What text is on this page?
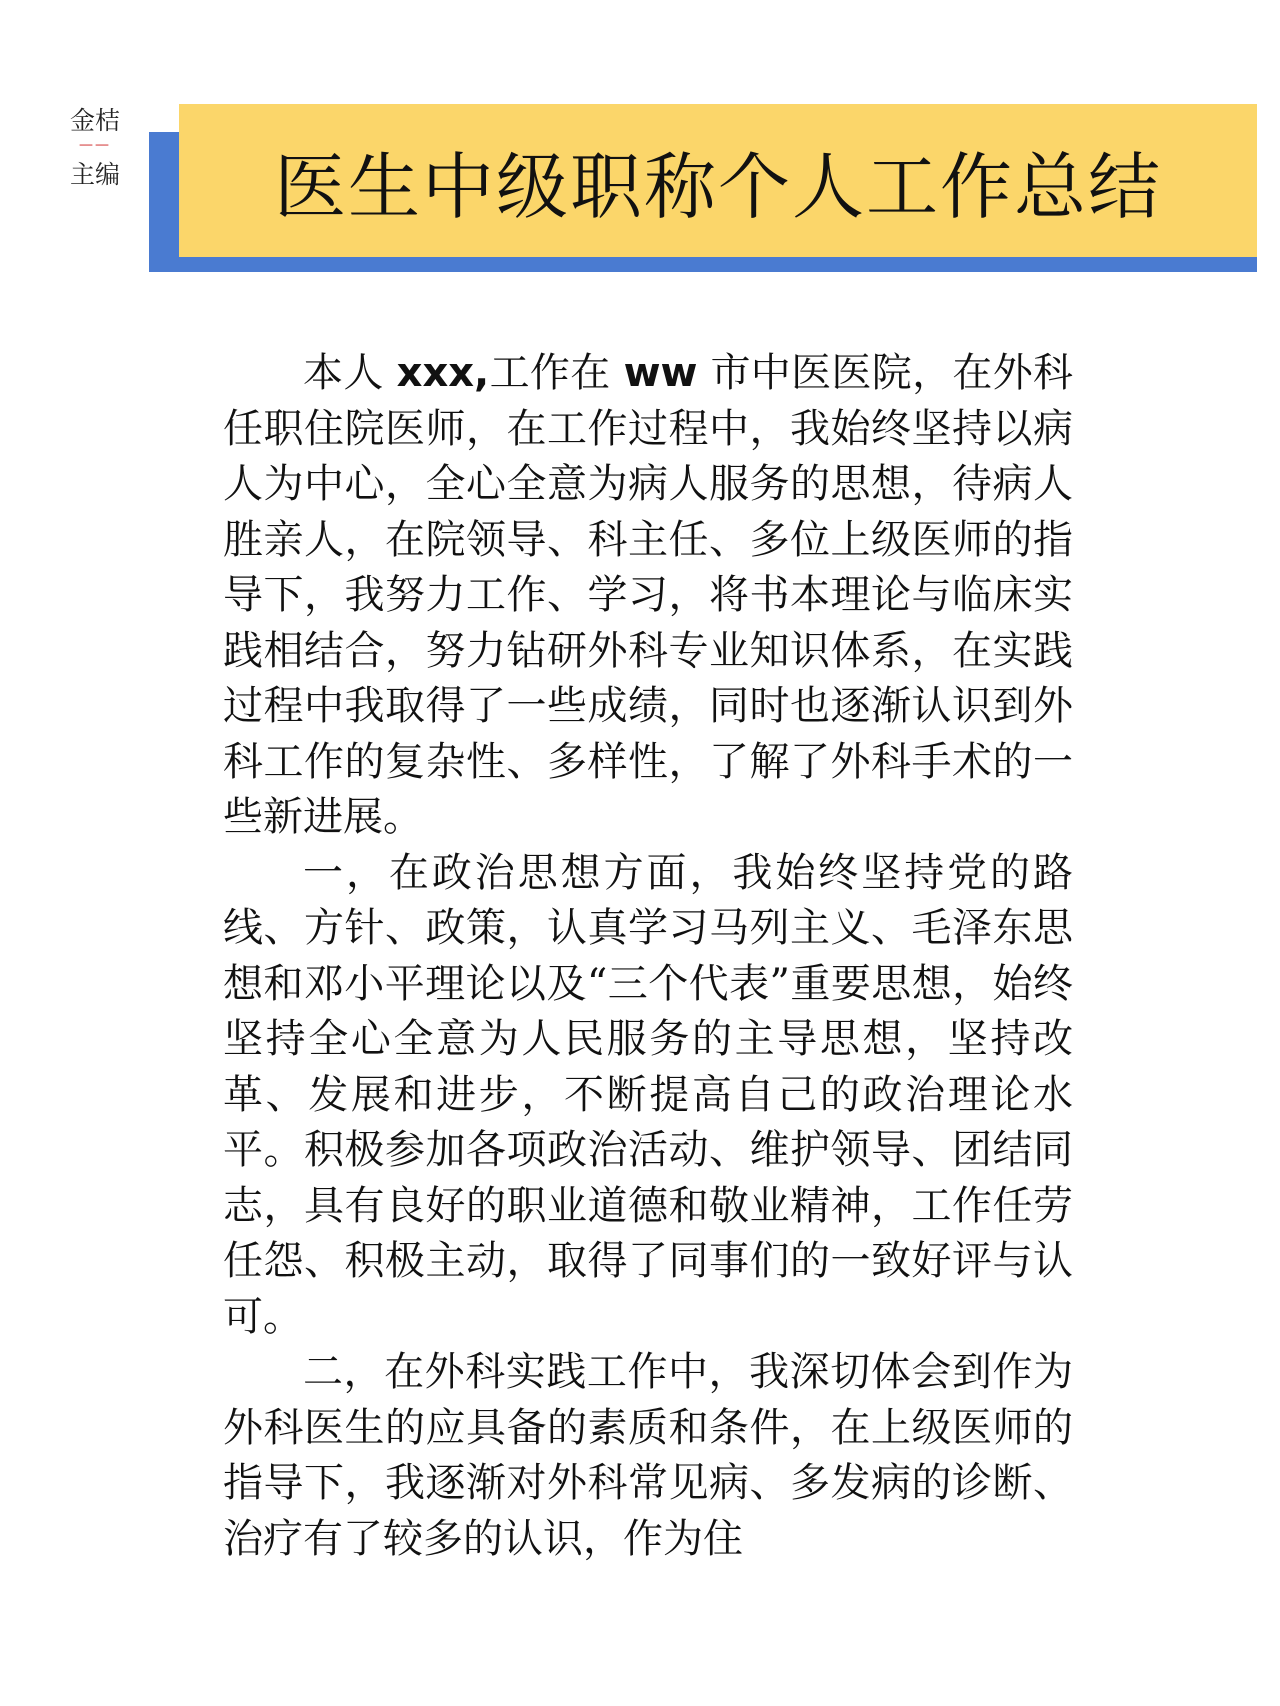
金桔
——
主编 医生中级职称个人工作总结

本人 xxx,工作在 ww 市中医医院，在外科任职住院医师，在工作过程中，我始终坚持以病人为中心，全心全意为病人服务的思想，待病人胜亲人，在院领导、科主任、多位上级医师的指导下，我努力工作、学习，将书本理论与临床实践相结合，努力钻研外科专业知识体系，在实践过程中我取得了一些成绩，同时也逐渐认识到外科工作的复杂性、多样性，了解了外科手术的一些新进展。

一，在政治思想方面，我始终坚持党的路线、方针、政策，认真学习马列主义、毛泽东思想和邓小平理论以及“三个代表”重要思想，始终坚持全心全意为人民服务的主导思想，坚持改革、发展和进步，不断提高自己的政治理论水平。积极参加各项政治活动、维护领导、团结同志，具有良好的职业道德和敬业精神，工作任劳任怨、积极主动，取得了同事们的一致好评与认可。

二，在外科实践工作中，我深切体会到作为外科医生的应具备的素质和条件，在上级医师的指导下，我逐渐对外科常见病、多发病的诊断、治疗有了较多的认识，作为住
